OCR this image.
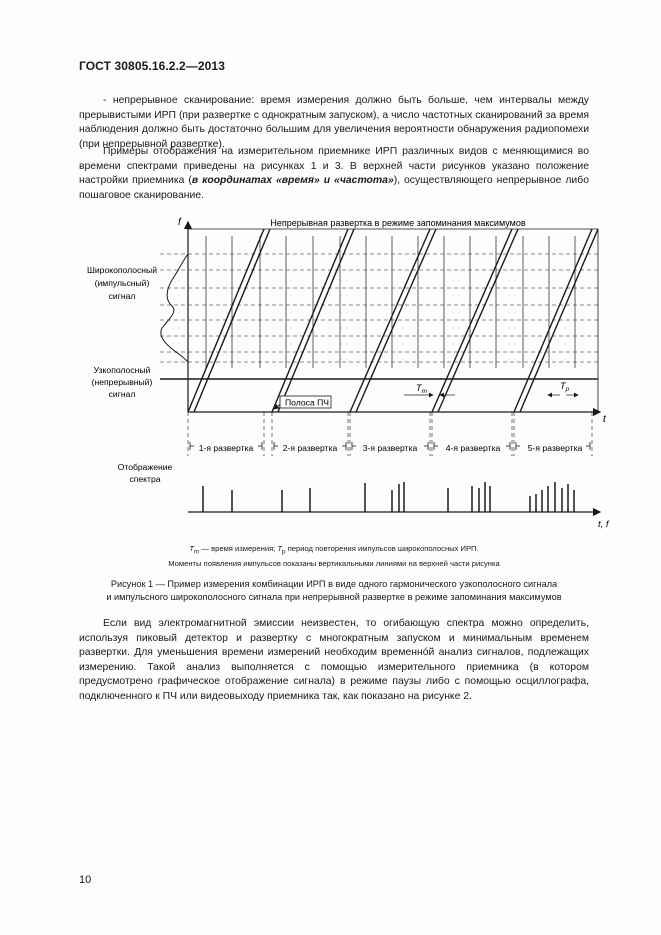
ГОСТ 30805.16.2.2—2013
- непрерывное сканирование: время измерения должно быть больше, чем интервалы между прерывистыми ИРП (при развертке с однократным запуском), а число частотных сканирований за время наблюдения должно быть достаточно большим для увеличения вероятности обнаружения радиопомехи (при непрерывной развертке).
Примеры отображения на измерительном приемнике ИРП различных видов с меняющимися во времени спектрами приведены на рисунках 1 и 3. В верхней части рисунков указано положение настройки приемника (в координатах «время» и «частота»), осуществляющего непрерывное либо пошаговое сканирование.
f
t
Непрерывная развертка в режиме запоминания максимумов
Широкополосный
(импульсный)
сигнал
Узкополосный
(непрерывный)
сигнал
Полоса ПЧ
$T_m$
$T_p$
1-я развертка	2-я развертка	3-я развертка	4-я развертка	5-я развертка
Отображение
спектра
t, f
$T_m$ — время измерения; $T_p$ период повторения импульсов широкополосных ИРП.
Моменты появления импульсов показаны вертикальными линиями на верхней части рисунка
Рисунок 1 — Пример измерения комбинации ИРП в виде одного гармонического узкополосного сигнала
и импульсного широкополосного сигнала при непрерывной развертке в режиме запоминания максимумов
Если вид электромагнитной эмиссии неизвестен, то огибающую спектра можно определить, используя пиковый детектор и развертку с многократным запуском и минимальным временем развертки. Для уменьшения времени измерений необходим временнóй анализ сигналов, подлежащих измерению. Такой анализ выполняется с помощью измерительного приемника (в котором предусмотрено графическое отображение сигнала) в режиме паузы либо с помощью осциллографа, подключенного к ПЧ или видеовыходу приемника так, как показано на рисунке 2.
10
